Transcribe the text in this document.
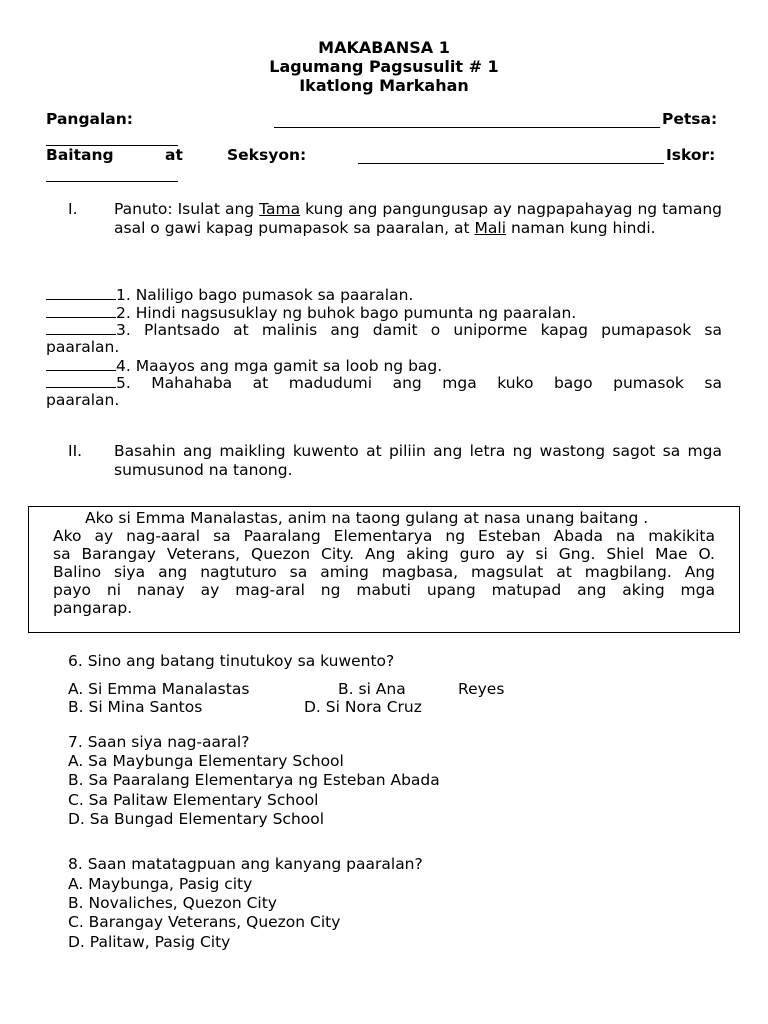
MAKABANSA 1
Lagumang Pagsusulit # 1
Ikatlong Markahan
Pangalan:	Petsa:
Baitang	at	Seksyon:	Iskor:
I. Panuto: Isulat ang Tama kung ang pangungusap ay nagpapahayag ng tamang asal o gawi kapag pumapasok sa paaralan, at Mali naman kung hindi.
1. Naliligo bago pumasok sa paaralan.
2. Hindi nagsusuklay ng buhok bago pumunta ng paaralan.
3. Plantsado at malinis ang damit o uniporme kapag pumapasok sa
paaralan.
4. Maayos ang mga gamit sa loob ng bag.
5. Mahahaba at madudumi ang mga kuko bago pumasok sa
paaralan.
II. Basahin ang maikling kuwento at piliin ang letra ng wastong sagot sa mga sumusunod na tanong.
Ako si Emma Manalastas, anim na taong gulang at nasa unang baitang .
Ako ay nag-aaral sa Paaralang Elementarya ng Esteban Abada na makikita
sa Barangay Veterans, Quezon City. Ang aking guro ay si Gng. Shiel Mae O.
Balino siya ang nagtuturo sa aming magbasa, magsulat at magbilang. Ang
payo ni nanay ay mag-aral ng mabuti upang matupad ang aking mga
pangarap.
6. Sino ang batang tinutukoy sa kuwento?
A. Si Emma Manalastas	B. si Ana	Reyes
B. Si Mina Santos	D. Si Nora Cruz
7. Saan siya nag-aaral?
A. Sa Maybunga Elementary School
B. Sa Paaralang Elementarya ng Esteban Abada
C. Sa Palitaw Elementary School
D. Sa Bungad Elementary School
8. Saan matatagpuan ang kanyang paaralan?
A. Maybunga, Pasig city
B. Novaliches, Quezon City
C. Barangay Veterans, Quezon City
D. Palitaw, Pasig City
